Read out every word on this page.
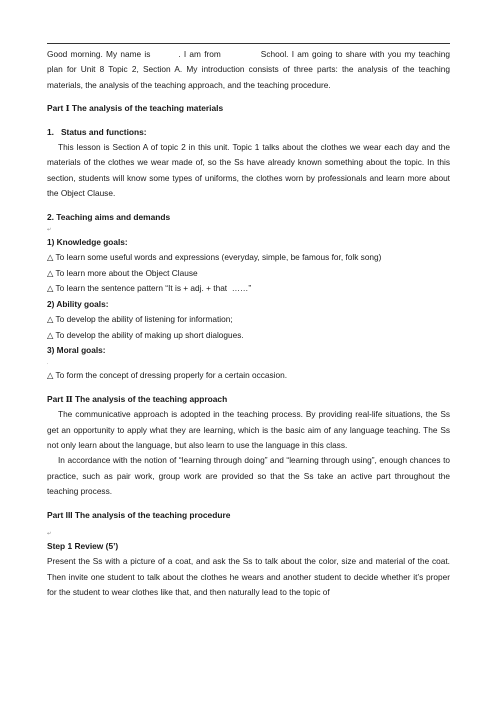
Good morning. My name is	. I am from	School. I am going to share with you my teaching plan for Unit 8 Topic 2, Section A. My introduction consists of three parts: the analysis of the teaching materials, the analysis of the teaching approach, and the teaching procedure.

Part Ⅰ The analysis of the teaching materials

1.   Status and functions:

This lesson is Section A of topic 2 in this unit. Topic 1 talks about the clothes we wear each day and the materials of the clothes we wear made of, so the Ss have already known something about the topic. In this section, students will know some types of uniforms, the clothes worn by professionals and learn more about the Object Clause.

2. Teaching aims and demands

↵

1) Knowledge goals:

△ To learn some useful words and expressions (everyday, simple, be famous for, folk song)

△ To learn more about the Object Clause

△ To learn the sentence pattern “It is + adj. + that  ……”

2) Ability goals:

△ To develop the ability of listening for information;

△ To develop the ability of making up short dialogues.

3) Moral goals:

.

△ To form the concept of dressing properly for a certain occasion.

Part Ⅱ The analysis of the teaching approach

The communicative approach is adopted in the teaching process. By providing real-life situations, the Ss get an opportunity to apply what they are learning, which is the basic aim of any language teaching. The Ss not only learn about the language, but also learn to use the language in this class.

In accordance with the notion of “learning through doing” and “learning through using”, enough chances to practice, such as pair work, group work are provided so that the Ss take an active part throughout the teaching process.

Part III The analysis of the teaching procedure

↵

Step 1 Review (5’)

Present the Ss with a picture of a coat, and ask the Ss to talk about the color, size and material of the coat. Then invite one student to talk about the clothes he wears and another student to decide whether it’s proper for the student to wear clothes like that, and then naturally lead to the topic of
